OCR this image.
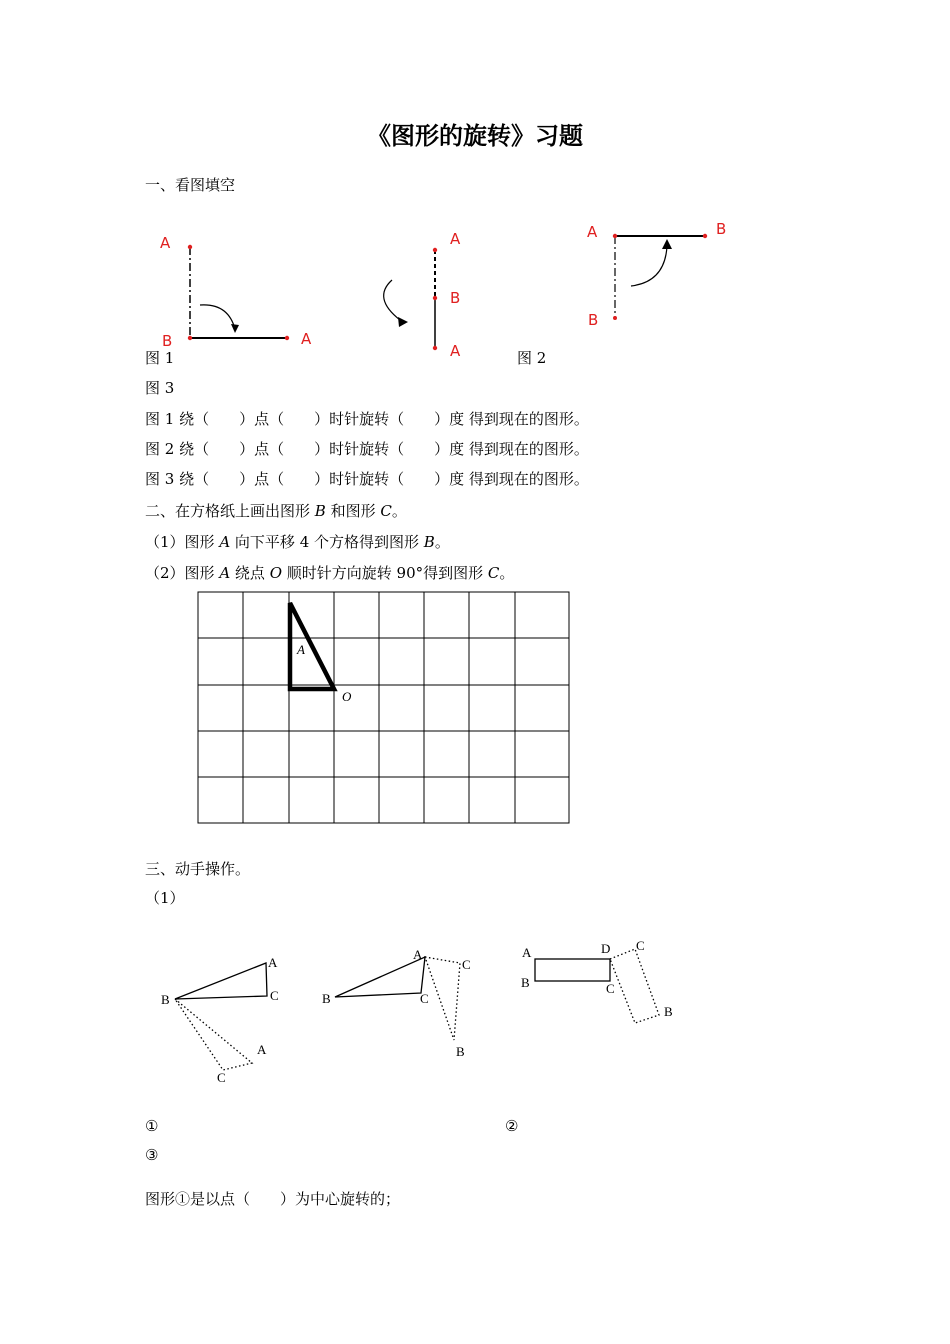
《图形的旋转》习题
一、看图填空
A
B	A
A
B
A
A	B
B
图 1	图 2
图 3
图 1 绕（　　）点（　　）时针旋转（　　）度 得到现在的图形。
图 2 绕（　　）点（　　）时针旋转（　　）度 得到现在的图形。
图 3 绕（　　）点（　　）时针旋转（　　）度 得到现在的图形。
二、在方格纸上画出图形 B 和图形 C。
（1）图形 A 向下平移 4 个方格得到图形 B。
（2）图形 A 绕点 O 顺时针方向旋转 90°得到图形 C。
A
O
三、动手操作。
（1）
A
C
B
A
C
A
C
B	C
B
A
B
D C
C
B
①	②
③
图形①是以点（　　）为中心旋转的；
